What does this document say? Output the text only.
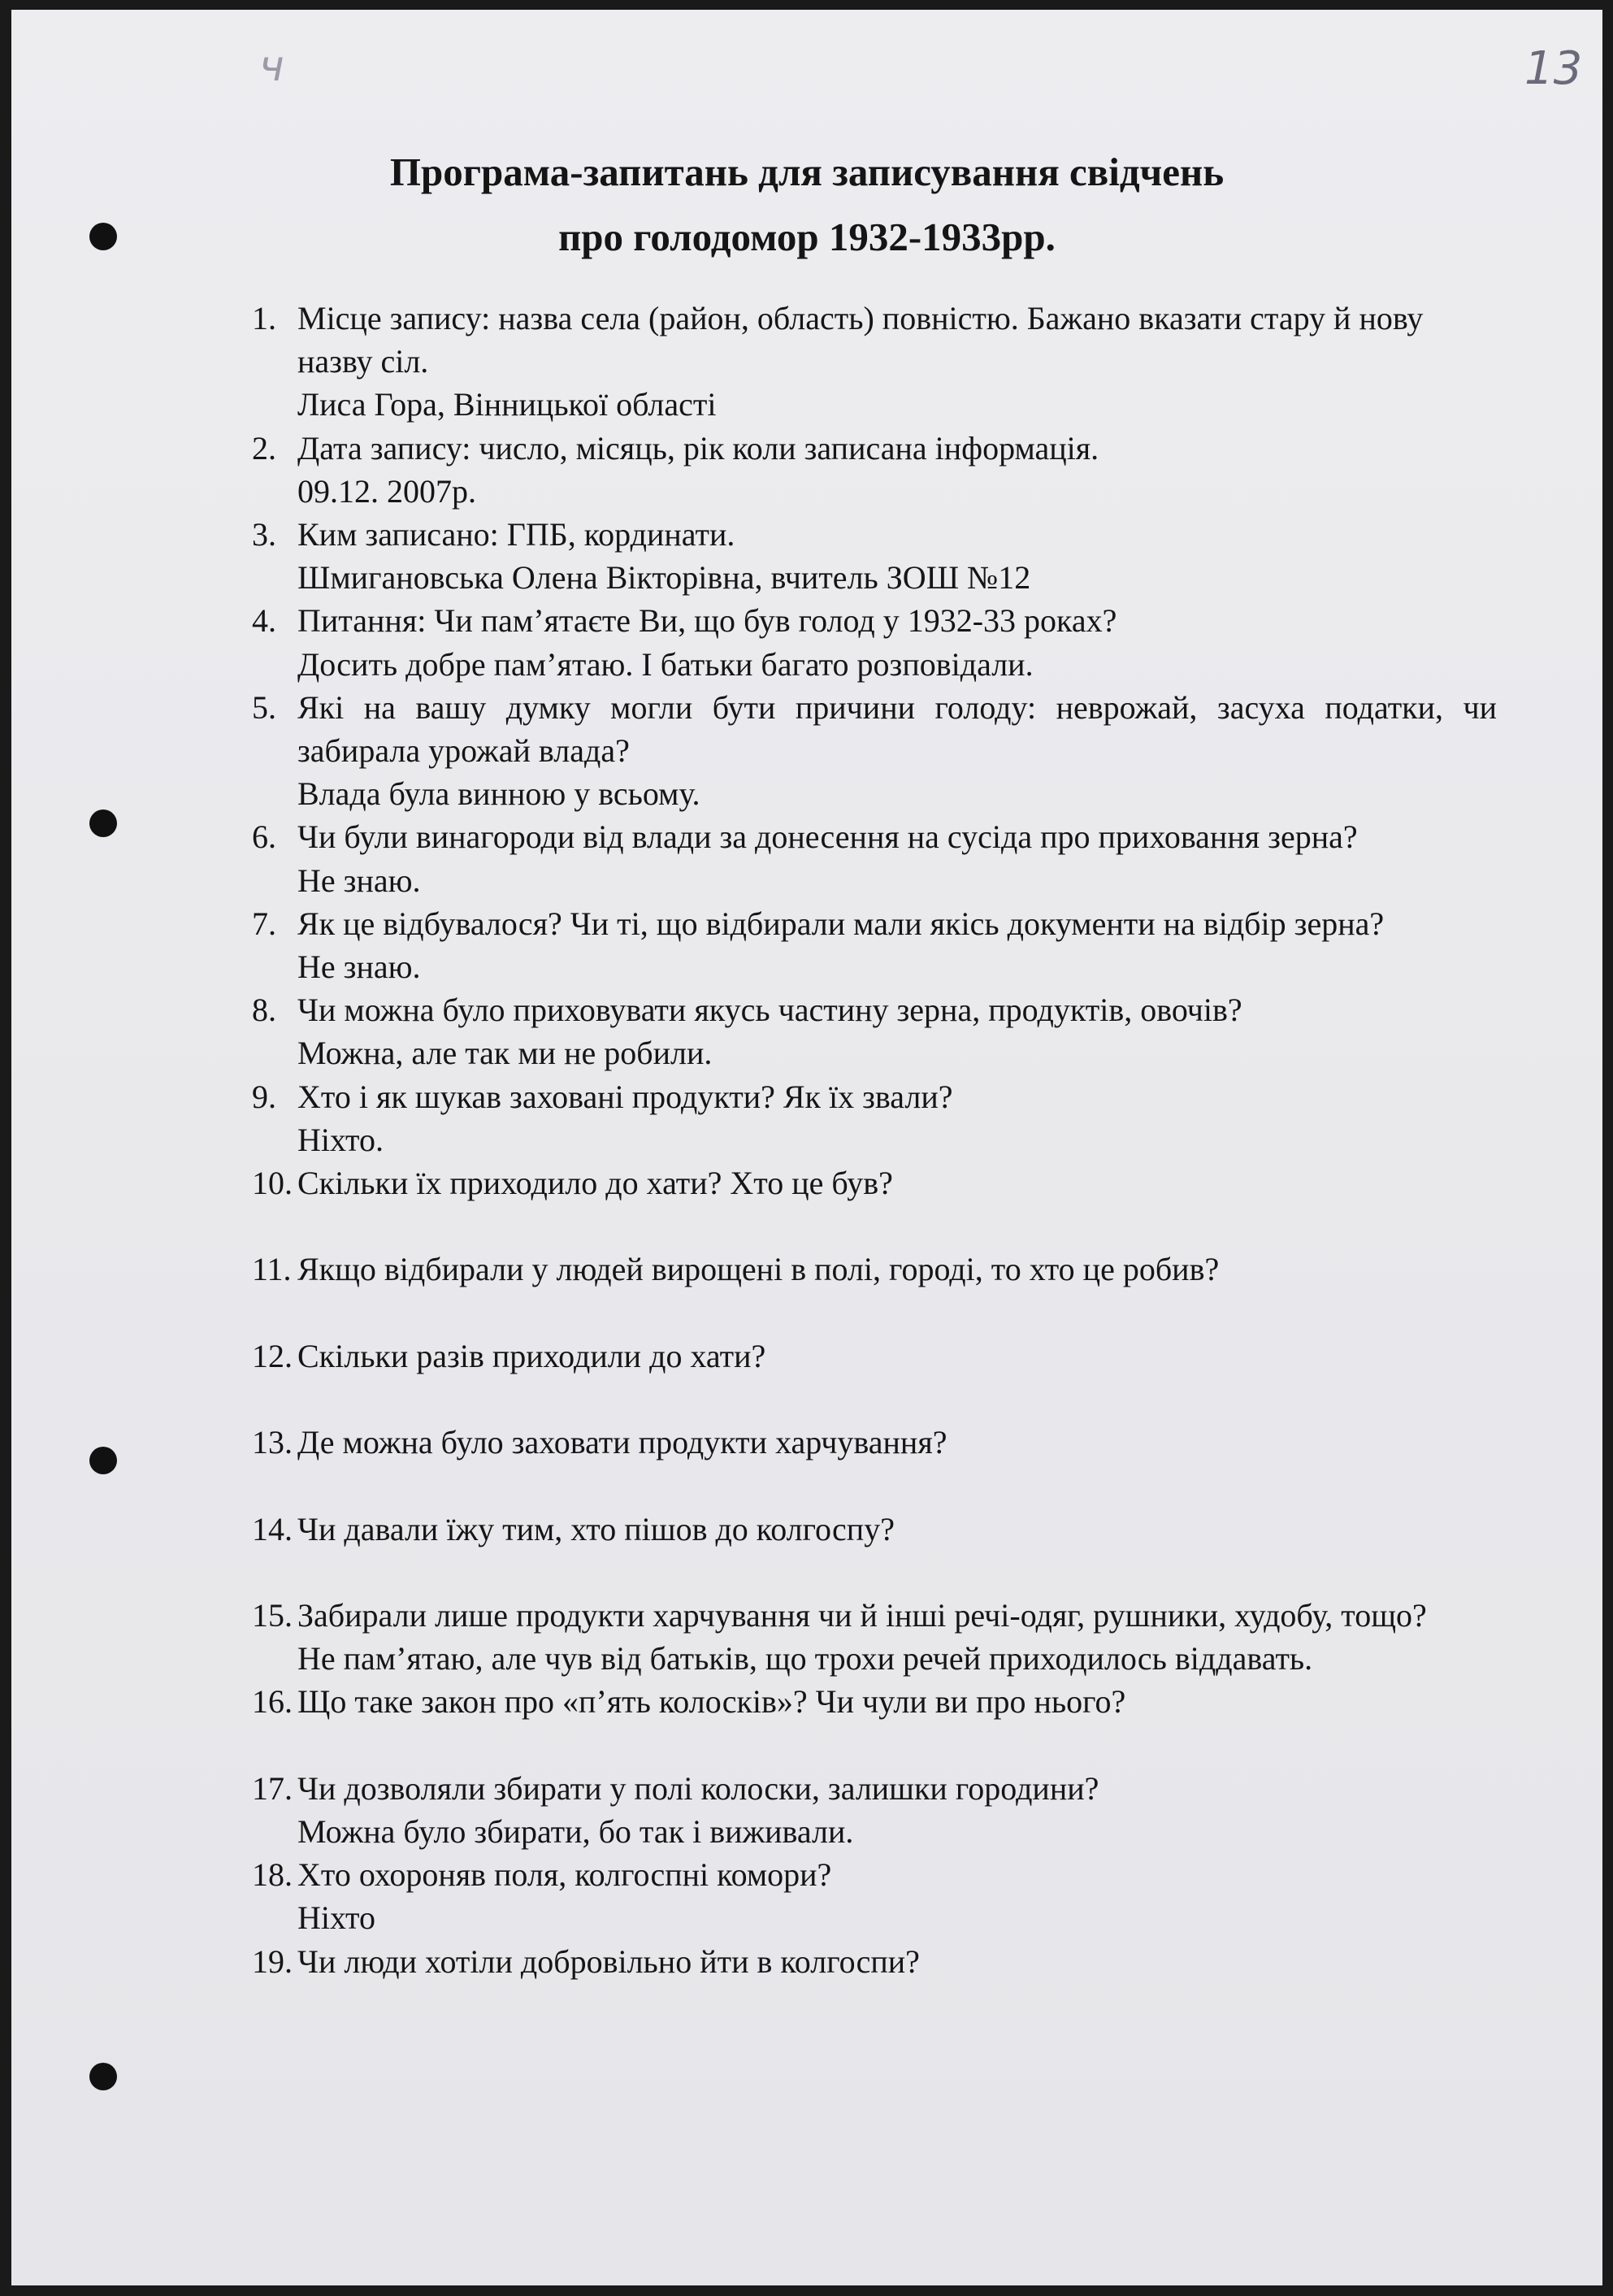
ч	13
Програма-запитань для записування свідчень
про голодомор 1932-1933рр.
1. Місце запису: назва села (район, область) повністю. Бажано вказати стару й нову назву сіл.
Лиса Гора, Вінницької області
2. Дата запису: число, місяць, рік коли записана інформація.
09.12. 2007р.
3. Ким записано: ГПБ, кординати.
Шмигановська Олена Вікторівна, вчитель ЗОШ №12
4. Питання: Чи пам’ятаєте Ви, що був голод у 1932-33 роках?
Досить добре пам’ятаю. І батьки багато розповідали.
5. Які на вашу думку могли бути причини голоду: неврожай, засуха податки, чи забирала урожай влада?
Влада була винною у всьому.
6. Чи були винагороди від влади за донесення на сусіда про приховання зерна?
Не знаю.
7. Як це відбувалося? Чи ті, що відбирали мали якісь документи на відбір зерна?
Не знаю.
8. Чи можна було приховувати якусь частину зерна, продуктів, овочів?
Можна, але так ми не робили.
9. Хто і як шукав заховані продукти? Як їх звали?
Ніхто.
10. Скільки їх приходило до хати? Хто це був?
11. Якщо відбирали у людей вирощені в полі, городі, то хто це робив?
12. Скільки разів приходили до хати?
13. Де можна було заховати продукти харчування?
14. Чи давали їжу тим, хто пішов до колгоспу?
15. Забирали лише продукти харчування чи й інші речі-одяг, рушники, худобу, тощо?
Не пам’ятаю, але чув від батьків, що трохи речей приходилось віддавать.
16. Що таке закон про «п’ять колосків»? Чи чули ви про нього?
17. Чи дозволяли збирати у полі колоски, залишки городини?
Можна було збирати, бо так і виживали.
18. Хто охороняв поля, колгоспні комори?
Ніхто
19. Чи люди хотіли добровільно йти в колгоспи?
